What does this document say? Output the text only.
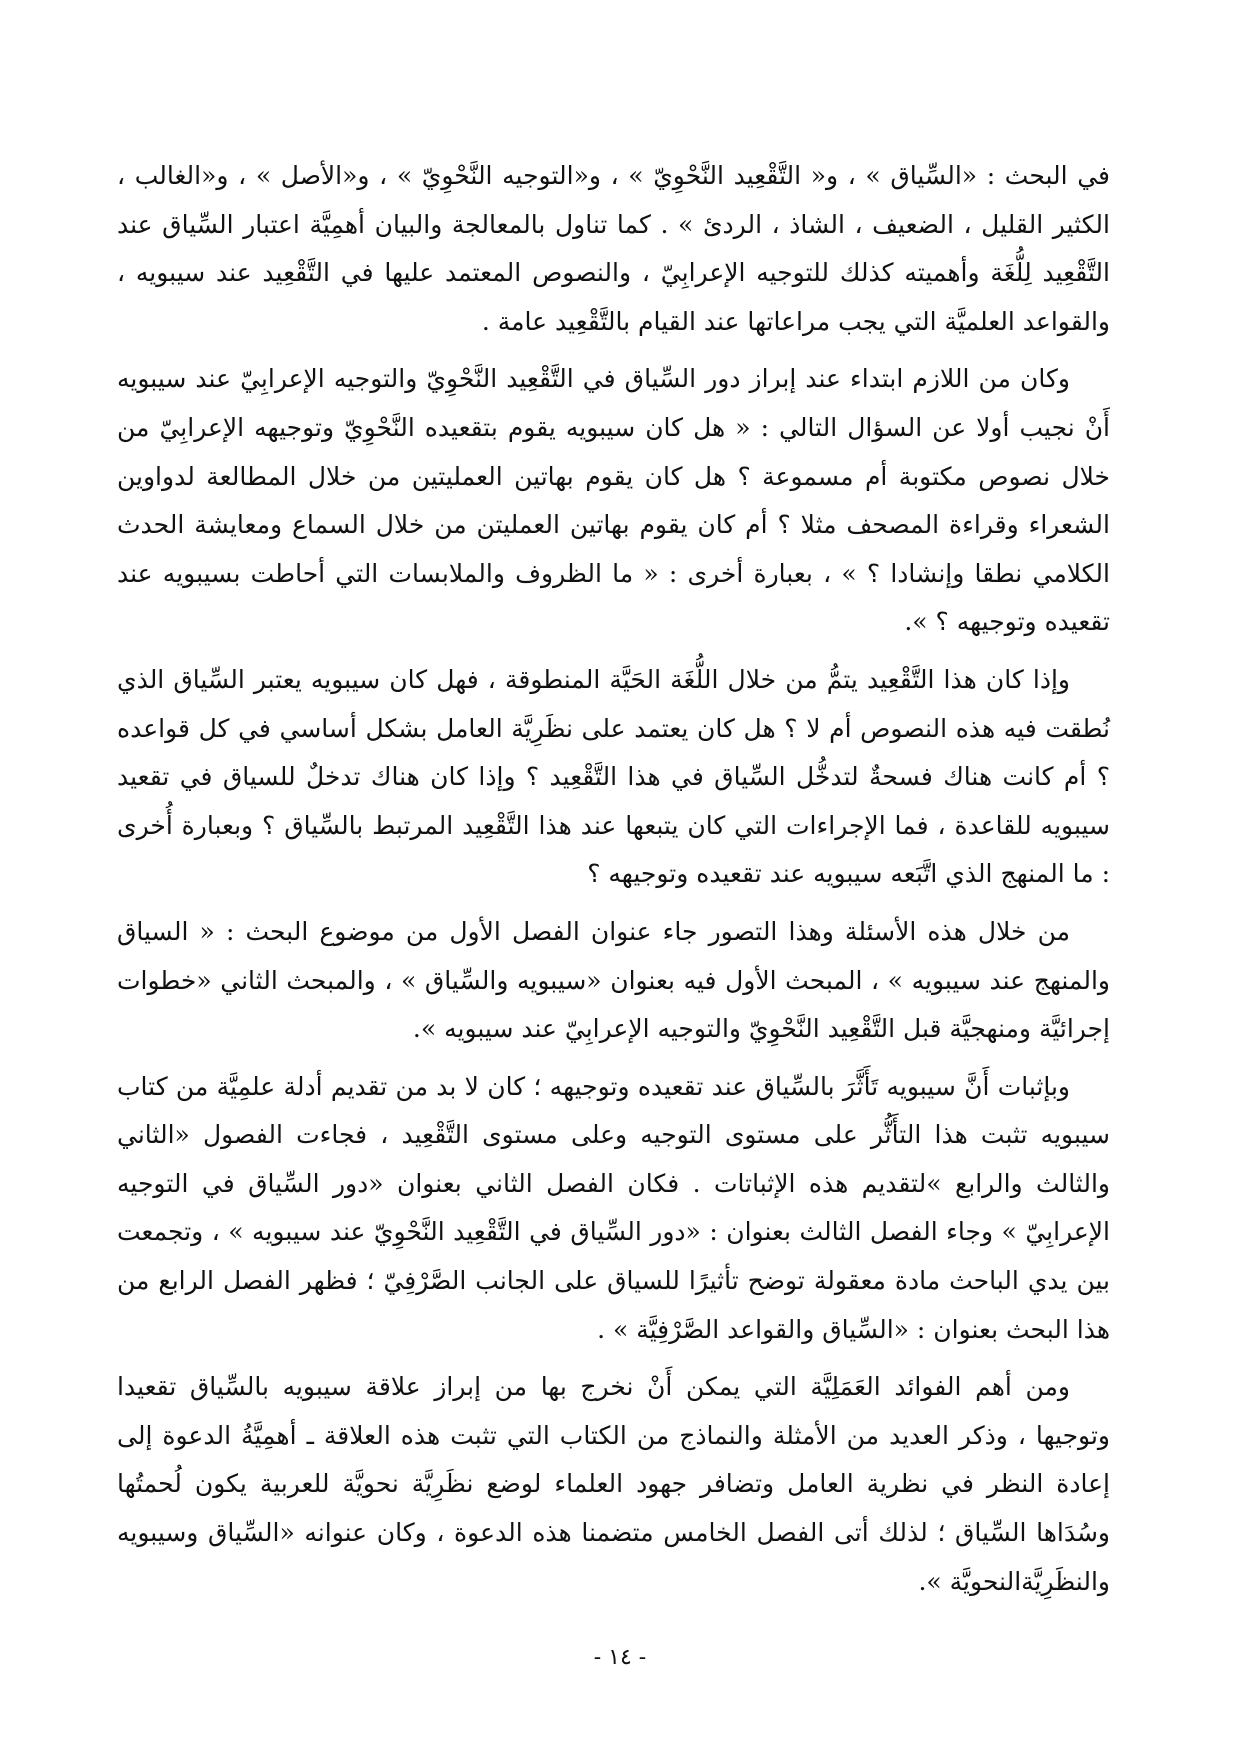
في البحث : «السِّياق » ، و« التَّقْعِيد النَّحْوِيّ » ، و«التوجيه النَّحْوِيّ » ، و«الأصل » ، و«الغالب ، الكثير القليل ، الضعيف ، الشاذ ، الردئ » . كما تناول بالمعالجة والبيان أهمِيَّة اعتبار السِّياق عند التَّقْعِيد لِلُّغَة وأهميته كذلك للتوجيه الإعرابِيّ ، والنصوص المعتمد عليها في التَّقْعِيد عند سيبويه ، والقواعد العلميَّة التي يجب مراعاتها عند القيام بالتَّقْعِيد عامة .

وكان من اللازم ابتداء عند إبراز دور السِّياق في التَّقْعِيد النَّحْوِيّ والتوجيه الإعرابِيّ عند سيبويه أَنْ نجيب أولا عن السؤال التالي : « هل كان سيبويه يقوم بتقعيده النَّحْوِيّ وتوجيهه الإعرابِيّ من خلال نصوص مكتوبة أم مسموعة ؟ هل كان يقوم بهاتين العمليتين من خلال المطالعة لدواوين الشعراء وقراءة المصحف مثلا ؟ أم كان يقوم بهاتين العمليتن من خلال السماع ومعايشة الحدث الكلامي نطقا وإنشادا ؟ » ، بعبارة أخرى : « ما الظروف والملابسات التي أحاطت بسيبويه عند تقعيده وتوجيهه ؟ ».

وإذا كان هذا التَّقْعِيد يتمُّ من خلال اللُّغَة الحَيَّة المنطوقة ، فهل كان سيبويه يعتبر السِّياق الذي نُطقت فيه هذه النصوص أم لا ؟ هل كان يعتمد على نظَرِيَّة العامل بشكل أساسي في كل قواعده ؟ أم كانت هناك فسحةٌ لتدخُّل السِّياق في هذا التَّقْعِيد ؟ وإذا كان هناك تدخلٌ للسياق في تقعيد سيبويه للقاعدة ، فما الإجراءات التي كان يتبعها عند هذا التَّقْعِيد المرتبط بالسِّياق ؟ وبعبارة أُخرى : ما المنهج الذي اتَّبَعه سيبويه عند تقعيده وتوجيهه ؟

من خلال هذه الأسئلة وهذا التصور جاء عنوان الفصل الأول من موضوع البحث : « السياق والمنهج عند سيبويه » ، المبحث الأول فيه بعنوان «سيبويه والسِّياق » ، والمبحث الثاني «خطوات إجرائيَّة ومنهجيَّة قبل التَّقْعِيد النَّحْوِيّ والتوجيه الإعرابِيّ عند سيبويه ».

وبإثبات أَنَّ سيبويه تَأَثَّرَ بالسِّياق عند تقعيده وتوجيهه ؛ كان لا بد من تقديم أدلة علمِيَّة من كتاب سيبويه تثبت هذا التأَثُّر على مستوى التوجيه وعلى مستوى التَّقْعِيد ، فجاءت الفصول «الثاني والثالث والرابع »لتقديم هذه الإثباتات . فكان الفصل الثاني بعنوان «دور السِّياق في التوجيه الإعرابِيّ » وجاء الفصل الثالث بعنوان : «دور السِّياق في التَّقْعِيد النَّحْوِيّ عند سيبويه » ، وتجمعت بين يدي الباحث مادة معقولة توضح تأثيرًا للسياق على الجانب الصَّرْفِيّ ؛ فظهر الفصل الرابع من هذا البحث بعنوان : «السِّياق والقواعد الصَّرْفِيَّة » .

ومن أهم الفوائد العَمَلِيَّة التي يمكن أَنْ نخرج بها من إبراز علاقة سيبويه بالسِّياق تقعيدا وتوجيها ، وذكر العديد من الأمثلة والنماذج من الكتاب التي تثبت هذه العلاقة ـ أهمِيَّةُ الدعوة إلى إعادة النظر في نظرية العامل وتضافر جهود العلماء لوضع نظَرِيَّة نحويَّة للعربية يكون لُحمتُها وسُدَاها السِّياق ؛ لذلك أتى الفصل الخامس متضمنا هذه الدعوة ، وكان عنوانه «السِّياق وسيبويه والنظَرِيَّةالنحويَّة ».

- ١٤ -
